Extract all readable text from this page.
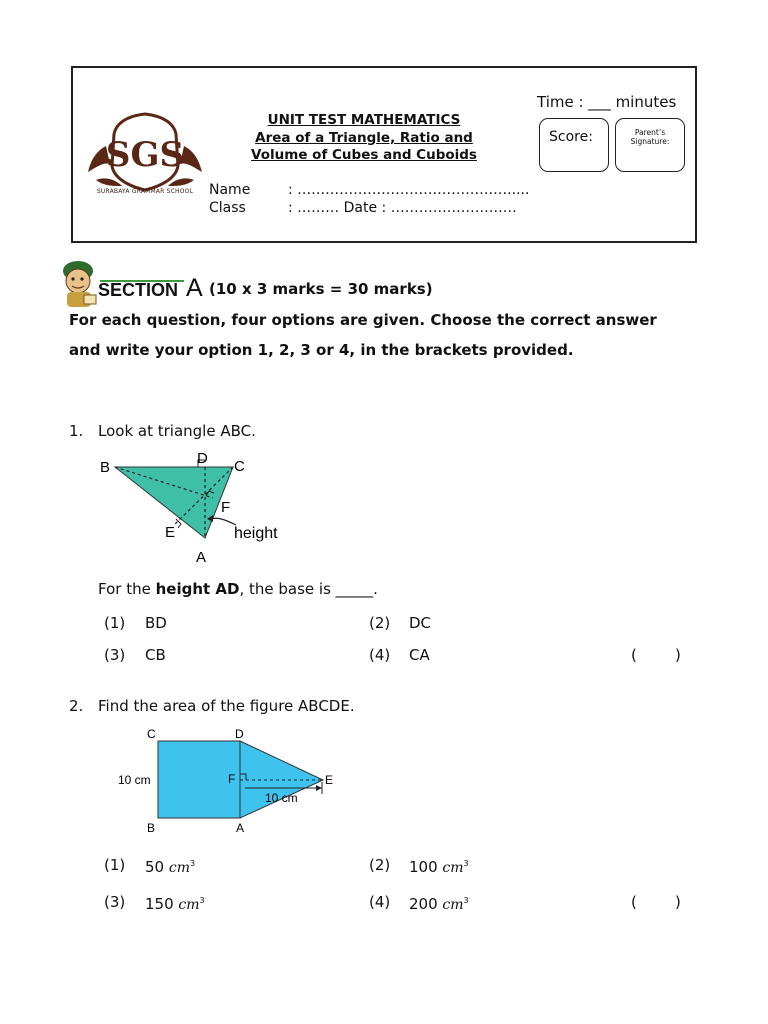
SGS
SURABAYA GRAMMAR SCHOOL
UNIT TEST MATHEMATICS
Area of a Triangle, Ratio and
Volume of Cubes and Cuboids
Time : ___ minutes
Score:	Parent’s
Signature:
Name	: ……………………………………….....
Class	: ……… Date : ………………………
SECTION A (10 x 3 marks = 30 marks)
For each question, four options are given. Choose the correct answer and write your option 1, 2, 3 or 4, in the brackets provided.
1. Look at triangle ABC.
B
D C
F
E
A
height
For the height AD, the base is _____.
(1) BD	(2) DC
(3) CB	(4) CA	(        )
2. Find the area of the figure ABCDE.
C	D
B	A
F	E
10 cm
10 cm
(1) 50 $cm^3$	(2) 100 $cm^3$
(3) 150 $cm^3$	(4) 200 $cm^3$	(        )
